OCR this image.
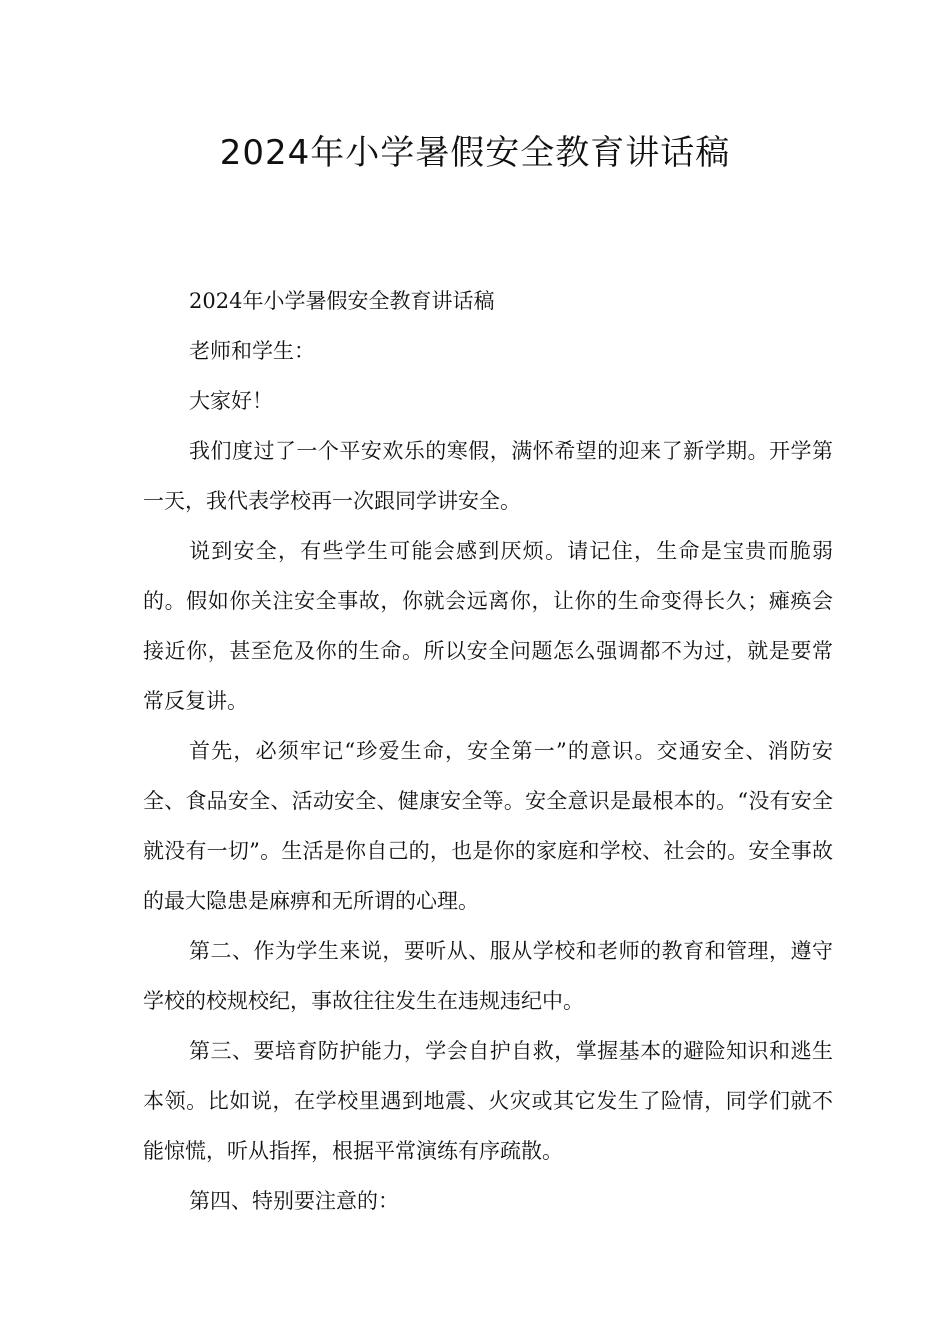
2024年小学暑假安全教育讲话稿

2024年小学暑假安全教育讲话稿

老师和学生：

大家好！

我们度过了一个平安欢乐的寒假，满怀希望的迎来了新学期。开学第一天，我代表学校再一次跟同学讲安全。

说到安全，有些学生可能会感到厌烦。请记住，生命是宝贵而脆弱的。假如你关注安全事故，你就会远离你，让你的生命变得长久；瘫痪会接近你，甚至危及你的生命。所以安全问题怎么强调都不为过，就是要常常反复讲。

首先，必须牢记“珍爱生命，安全第一”的意识。交通安全、消防安全、食品安全、活动安全、健康安全等。安全意识是最根本的。“没有安全就没有一切”。生活是你自己的，也是你的家庭和学校、社会的。安全事故的最大隐患是麻痹和无所谓的心理。

第二、作为学生来说，要听从、服从学校和老师的教育和管理，遵守学校的校规校纪，事故往往发生在违规违纪中。

第三、要培育防护能力，学会自护自救，掌握基本的避险知识和逃生本领。比如说，在学校里遇到地震、火灾或其它发生了险情，同学们就不能惊慌，听从指挥，根据平常演练有序疏散。

第四、特别要注意的：
